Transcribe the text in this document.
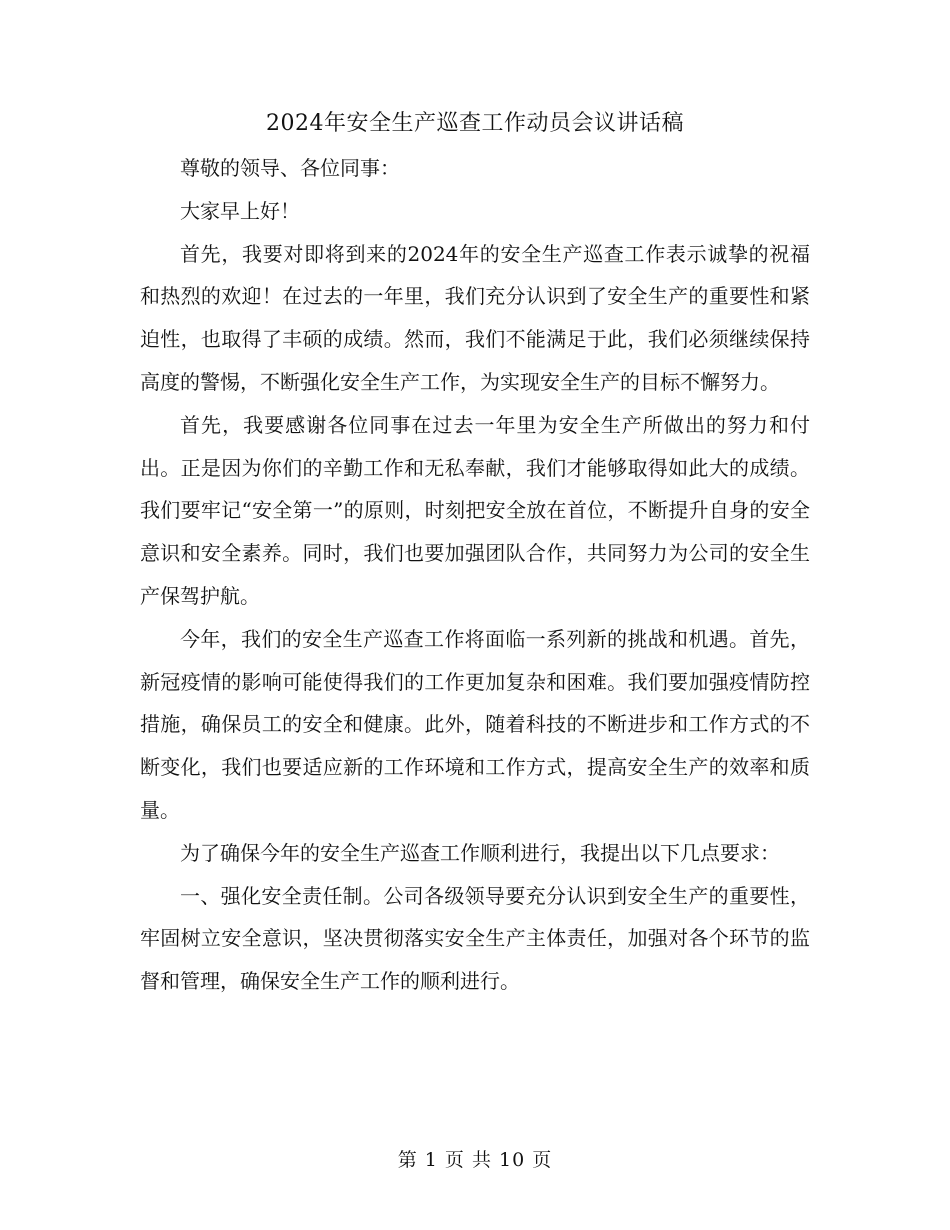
2024年安全生产巡查工作动员会议讲话稿

尊敬的领导、各位同事：

大家早上好！

首先，我要对即将到来的2024年的安全生产巡查工作表示诚挚的祝福和热烈的欢迎！在过去的一年里，我们充分认识到了安全生产的重要性和紧迫性，也取得了丰硕的成绩。然而，我们不能满足于此，我们必须继续保持高度的警惕，不断强化安全生产工作，为实现安全生产的目标不懈努力。

首先，我要感谢各位同事在过去一年里为安全生产所做出的努力和付出。正是因为你们的辛勤工作和无私奉献，我们才能够取得如此大的成绩。我们要牢记“安全第一”的原则，时刻把安全放在首位，不断提升自身的安全意识和安全素养。同时，我们也要加强团队合作，共同努力为公司的安全生产保驾护航。

今年，我们的安全生产巡查工作将面临一系列新的挑战和机遇。首先，新冠疫情的影响可能使得我们的工作更加复杂和困难。我们要加强疫情防控措施，确保员工的安全和健康。此外，随着科技的不断进步和工作方式的不断变化，我们也要适应新的工作环境和工作方式，提高安全生产的效率和质量。

为了确保今年的安全生产巡查工作顺利进行，我提出以下几点要求：

一、强化安全责任制。公司各级领导要充分认识到安全生产的重要性，牢固树立安全意识，坚决贯彻落实安全生产主体责任，加强对各个环节的监督和管理，确保安全生产工作的顺利进行。

第 1 页 共 10 页
